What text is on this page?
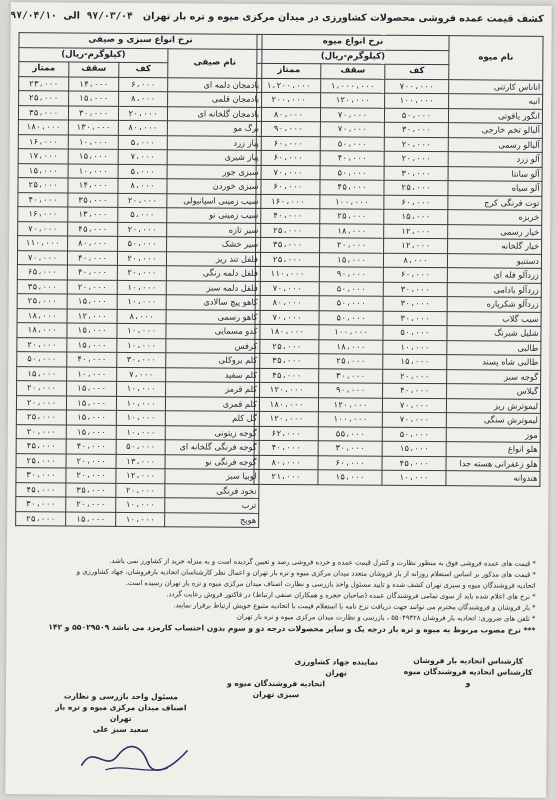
کشف قیمت عمده فروشی محصولات کشاورزی در میدان مرکزی میوه و تره بار تهران   ۹۷/۰۳/۰۴  الی  ۹۷/۰۴/۱۰
نام میوه	نرخ انواع میوه		
	(کیلوگرم-ریال)		
	کف	سقف	ممتاز
اناناس کارتنی	۷۰۰،۰۰۰	۱،۰۰۰،۰۰۰	۱،۲۰۰،۰۰۰
انبه	۱۰۰،۰۰۰	۱۲۰،۰۰۰	۲۰۰،۰۰۰
انگور یاقوتی	۵۰،۰۰۰	۷۰،۰۰۰	۸۰،۰۰۰
آلبالو تخم خارجی	۳۰،۰۰۰	۷۰،۰۰۰	۹۰،۰۰۰
آلبالو رسمی	۲۰،۰۰۰	۵۰،۰۰۰	۶۰،۰۰۰
آلو زرد	۲۰،۰۰۰	۴۰،۰۰۰	۶۰،۰۰۰
آلو سانتا	۳۰،۰۰۰	۵۰،۰۰۰	۷۰،۰۰۰
آلو سیاه	۲۵،۰۰۰	۴۵،۰۰۰	۶۰،۰۰۰
توت فرنگی کرج	۶۰،۰۰۰	۱۰۰،۰۰۰	۱۶۰،۰۰۰
خربزه	۱۵،۰۰۰	۲۵،۰۰۰	۴۰،۰۰۰
خیار رسمی	۱۲،۰۰۰	۱۸،۰۰۰	۲۵،۰۰۰
خیار گلخانه	۱۲،۰۰۰	۲۰،۰۰۰	۳۵،۰۰۰
دستنبو	۸،۰۰۰	۱۵،۰۰۰	۲۵،۰۰۰
زردآلو فله ای	۶۰،۰۰۰	۹۰،۰۰۰	۱۱۰،۰۰۰
زردآلو بادامی	۳۰،۰۰۰	۵۰،۰۰۰	۷۰،۰۰۰
زردآلو شکرپاره	۳۰،۰۰۰	۵۰،۰۰۰	۸۰،۰۰۰
سیب گلاب	۳۰،۰۰۰	۵۰،۰۰۰	۷۰،۰۰۰
شلیل شبرنگ	۵۰،۰۰۰	۱۰۰،۰۰۰	۱۸۰،۰۰۰
طالبی	۱۰،۰۰۰	۱۸،۰۰۰	۲۵،۰۰۰
طالبی شاه پسند	۱۵،۰۰۰	۲۵،۰۰۰	۳۵،۰۰۰
گوجه سبز	۲۰،۰۰۰	۳۰،۰۰۰	۴۵،۰۰۰
گیلاس	۴۰،۰۰۰	۹۰،۰۰۰	۱۲۰،۰۰۰
لیموترش ریز	۷۰،۰۰۰	۱۲۰،۰۰۰	۱۸۰،۰۰۰
لیموترش سنگی	۷۰،۰۰۰	۱۰۰،۰۰۰	۱۲۰،۰۰۰
موز	۵۰،۰۰۰	۵۵،۰۰۰	۶۲،۰۰۰
هلو انواع	۱۵،۰۰۰	۳۰،۰۰۰	۴۰،۰۰۰
هلو زعفرانی هسته جدا	۴۵،۰۰۰	۶۰،۰۰۰	۸۰،۰۰۰
هندوانه	۱۰،۰۰۰	۱۵،۰۰۰	۲۱،۰۰۰
نرخ انواع سبزی و صیفی			
نام صیفی	(کیلوگرم-ریال)		
	کف	سقف	ممتاز
بادمجان دلمه ای	۶،۰۰۰	۱۴،۰۰۰	۲۳،۰۰۰
بادمجان قلمی	۸،۰۰۰	۱۵،۰۰۰	۲۵،۰۰۰
بادمجان گلخانه ای	۲۰،۰۰۰	۳۰،۰۰۰	۳۵،۰۰۰
برگ مو	۸۰،۰۰۰	۱۳۰،۰۰۰	۱۸۰،۰۰۰
پیاز زرد	۵،۰۰۰	۱۰،۰۰۰	۱۶،۰۰۰
پیاز شیری	۷،۰۰۰	۱۵،۰۰۰	۱۷،۰۰۰
سبزی جور	۵،۰۰۰	۱۰،۰۰۰	۱۵،۰۰۰
سبزی خوردن	۸،۰۰۰	۱۴،۰۰۰	۲۵،۰۰۰
سیب زمینی اسپانیولی	۲۰،۰۰۰	۳۵،۰۰۰	۴۰،۰۰۰
سیب زمینی نو	۵،۰۰۰	۱۳،۰۰۰	۱۶،۰۰۰
سیر تازه	۲۰،۰۰۰	۴۵،۰۰۰	۷۰،۰۰۰
سیر خشک	۵۰،۰۰۰	۸۰،۰۰۰	۱۱۰،۰۰۰
فلفل تند ریز	۲۰،۰۰۰	۴۰،۰۰۰	۷۰،۰۰۰
فلفل دلمه رنگی	۲۰،۰۰۰	۴۰،۰۰۰	۶۵،۰۰۰
فلفل دلمه سبز	۱۰،۰۰۰	۲۰،۰۰۰	۳۵،۰۰۰
کاهو پیچ سالادی	۱۰،۰۰۰	۱۵،۰۰۰	۲۵،۰۰۰
کاهو رسمی	۸،۰۰۰	۱۲،۰۰۰	۱۸،۰۰۰
کدو مسمایی	۱۰،۰۰۰	۱۵،۰۰۰	۱۸،۰۰۰
کرفس	۱۰،۰۰۰	۱۵،۰۰۰	۲۰،۰۰۰
کلم بروکلی	۳۰،۰۰۰	۴۰،۰۰۰	۵۰،۰۰۰
کلم سفید	۷،۰۰۰	۱۰،۰۰۰	۱۵،۰۰۰
کلم قرمز	۱۰،۰۰۰	۱۵،۰۰۰	۲۰،۰۰۰
کلم قمری	۱۰،۰۰۰	۱۵،۰۰۰	۲۰،۰۰۰
گل کلم	۱۰،۰۰۰	۱۵،۰۰۰	۲۵،۰۰۰
گوجه زیتونی	۱۰،۰۰۰	۱۵،۰۰۰	۲۰،۰۰۰
گوجه فرنگی گلخانه ای	۵۰،۰۰۰	۴۰،۰۰۰	۴۵،۰۰۰
گوجه فرنگی نو	۱۳،۰۰۰	۲۰،۰۰۰	۲۵،۰۰۰
لوبیا سبز	۱۲،۰۰۰	۲۰،۰۰۰	۳۰،۰۰۰
نخود فرنگی	۲۰،۰۰۰	۳۵،۰۰۰	۴۵،۰۰۰
ترب	۱۰،۰۰۰	۲۰،۰۰۰	۳۰،۰۰۰
هویج	۱۰،۰۰۰	۱۵،۰۰۰	۲۵،۰۰۰

* قیمت های عمده فروشی فوق به منظور نظارت و کنترل قیمت عمده و خرده فروشی رصد و تعیین گردیده است و به منزله خرید از کشاورز نمی باشد.

* قیمت های مذکور بر اساس استعلام روزانه از بار فروشان متعدد میدان مرکزی میوه و تره بار تهران و اعمال نظر کارشناسان اتحادیه بارفروشان، جهاد کشاورزی و

اتحادیه فروشندگان میوه و سبزی تهران کشف شده و تایید مسئول واحد بازرسی و نظارت اصناف میدان مرکزی میوه و تره بار تهران رسیده است.

* نرخ های اعلام شده باید از سوی تمامی فروشندگان عمده (صاحبان حجره و همکاران صنفی ارتباط) در فاکتور فروش رعایت گردد.

* بار فروشان و فروشندگان محترم می توانند جهت دریافت نرخ نامه با استعلام قیمت با اتحادیه متبوع خویش ارتباط برقرار نمایند.

* تلفن های ضروری: اتحادیه بار فروشان ۵۵۰۴۹۴۲۸ ، بازرسی و نظارت میدان مرکزی میوه و تره بار تهران

*** نرخ مصوب مربوط به میوه و تره بار درجه یک و سایر محصولات درجه دو و سوم بدون احتساب کارمزد می باشد ۵۵۰۲۹۵۰۹ و ۱۴۲

کارشناس اتحادیه بار فروشان
کارشناس اتحادیه فروشندگان میوه و
نماینده جهاد کشاورزی تهران
اتحادیه فروشندگان میوه و
سبزی تهران
مسئول واحد بازرسی و نظارت
اصناف میدان مرکزی میوه و تره بار تهران
سعید سبز علی
